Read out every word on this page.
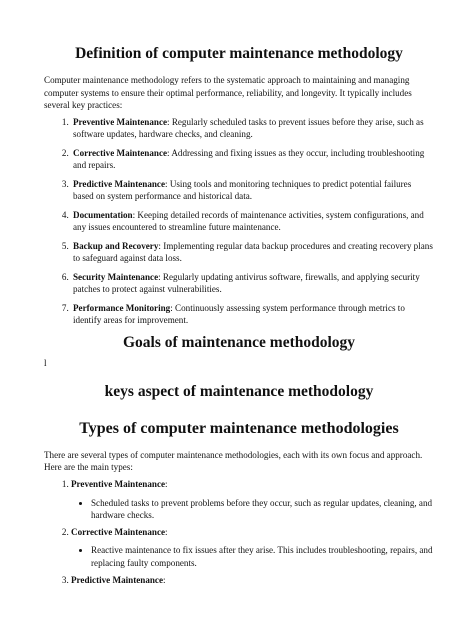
Definition of computer maintenance methodology

Computer maintenance methodology refers to the systematic approach to maintaining and managing computer systems to ensure their optimal performance, reliability, and longevity. It typically includes several key practices:

1. Preventive Maintenance: Regularly scheduled tasks to prevent issues before they arise, such as software updates, hardware checks, and cleaning.
2. Corrective Maintenance: Addressing and fixing issues as they occur, including troubleshooting and repairs.
3. Predictive Maintenance: Using tools and monitoring techniques to predict potential failures based on system performance and historical data.
4. Documentation: Keeping detailed records of maintenance activities, system configurations, and any issues encountered to streamline future maintenance.
5. Backup and Recovery: Implementing regular data backup procedures and creating recovery plans to safeguard against data loss.
6. Security Maintenance: Regularly updating antivirus software, firewalls, and applying security patches to protect against vulnerabilities.
7. Performance Monitoring: Continuously assessing system performance through metrics to identify areas for improvement.
Goals of maintenance methodology

l

keys aspect of maintenance methodology
Types of computer maintenance methodologies

There are several types of computer maintenance methodologies, each with its own focus and approach. Here are the main types:

1. Preventive Maintenance:
• Scheduled tasks to prevent problems before they occur, such as regular updates, cleaning, and hardware checks.
2. Corrective Maintenance:
• Reactive maintenance to fix issues after they arise. This includes troubleshooting, repairs, and replacing faulty components.
3. Predictive Maintenance:
